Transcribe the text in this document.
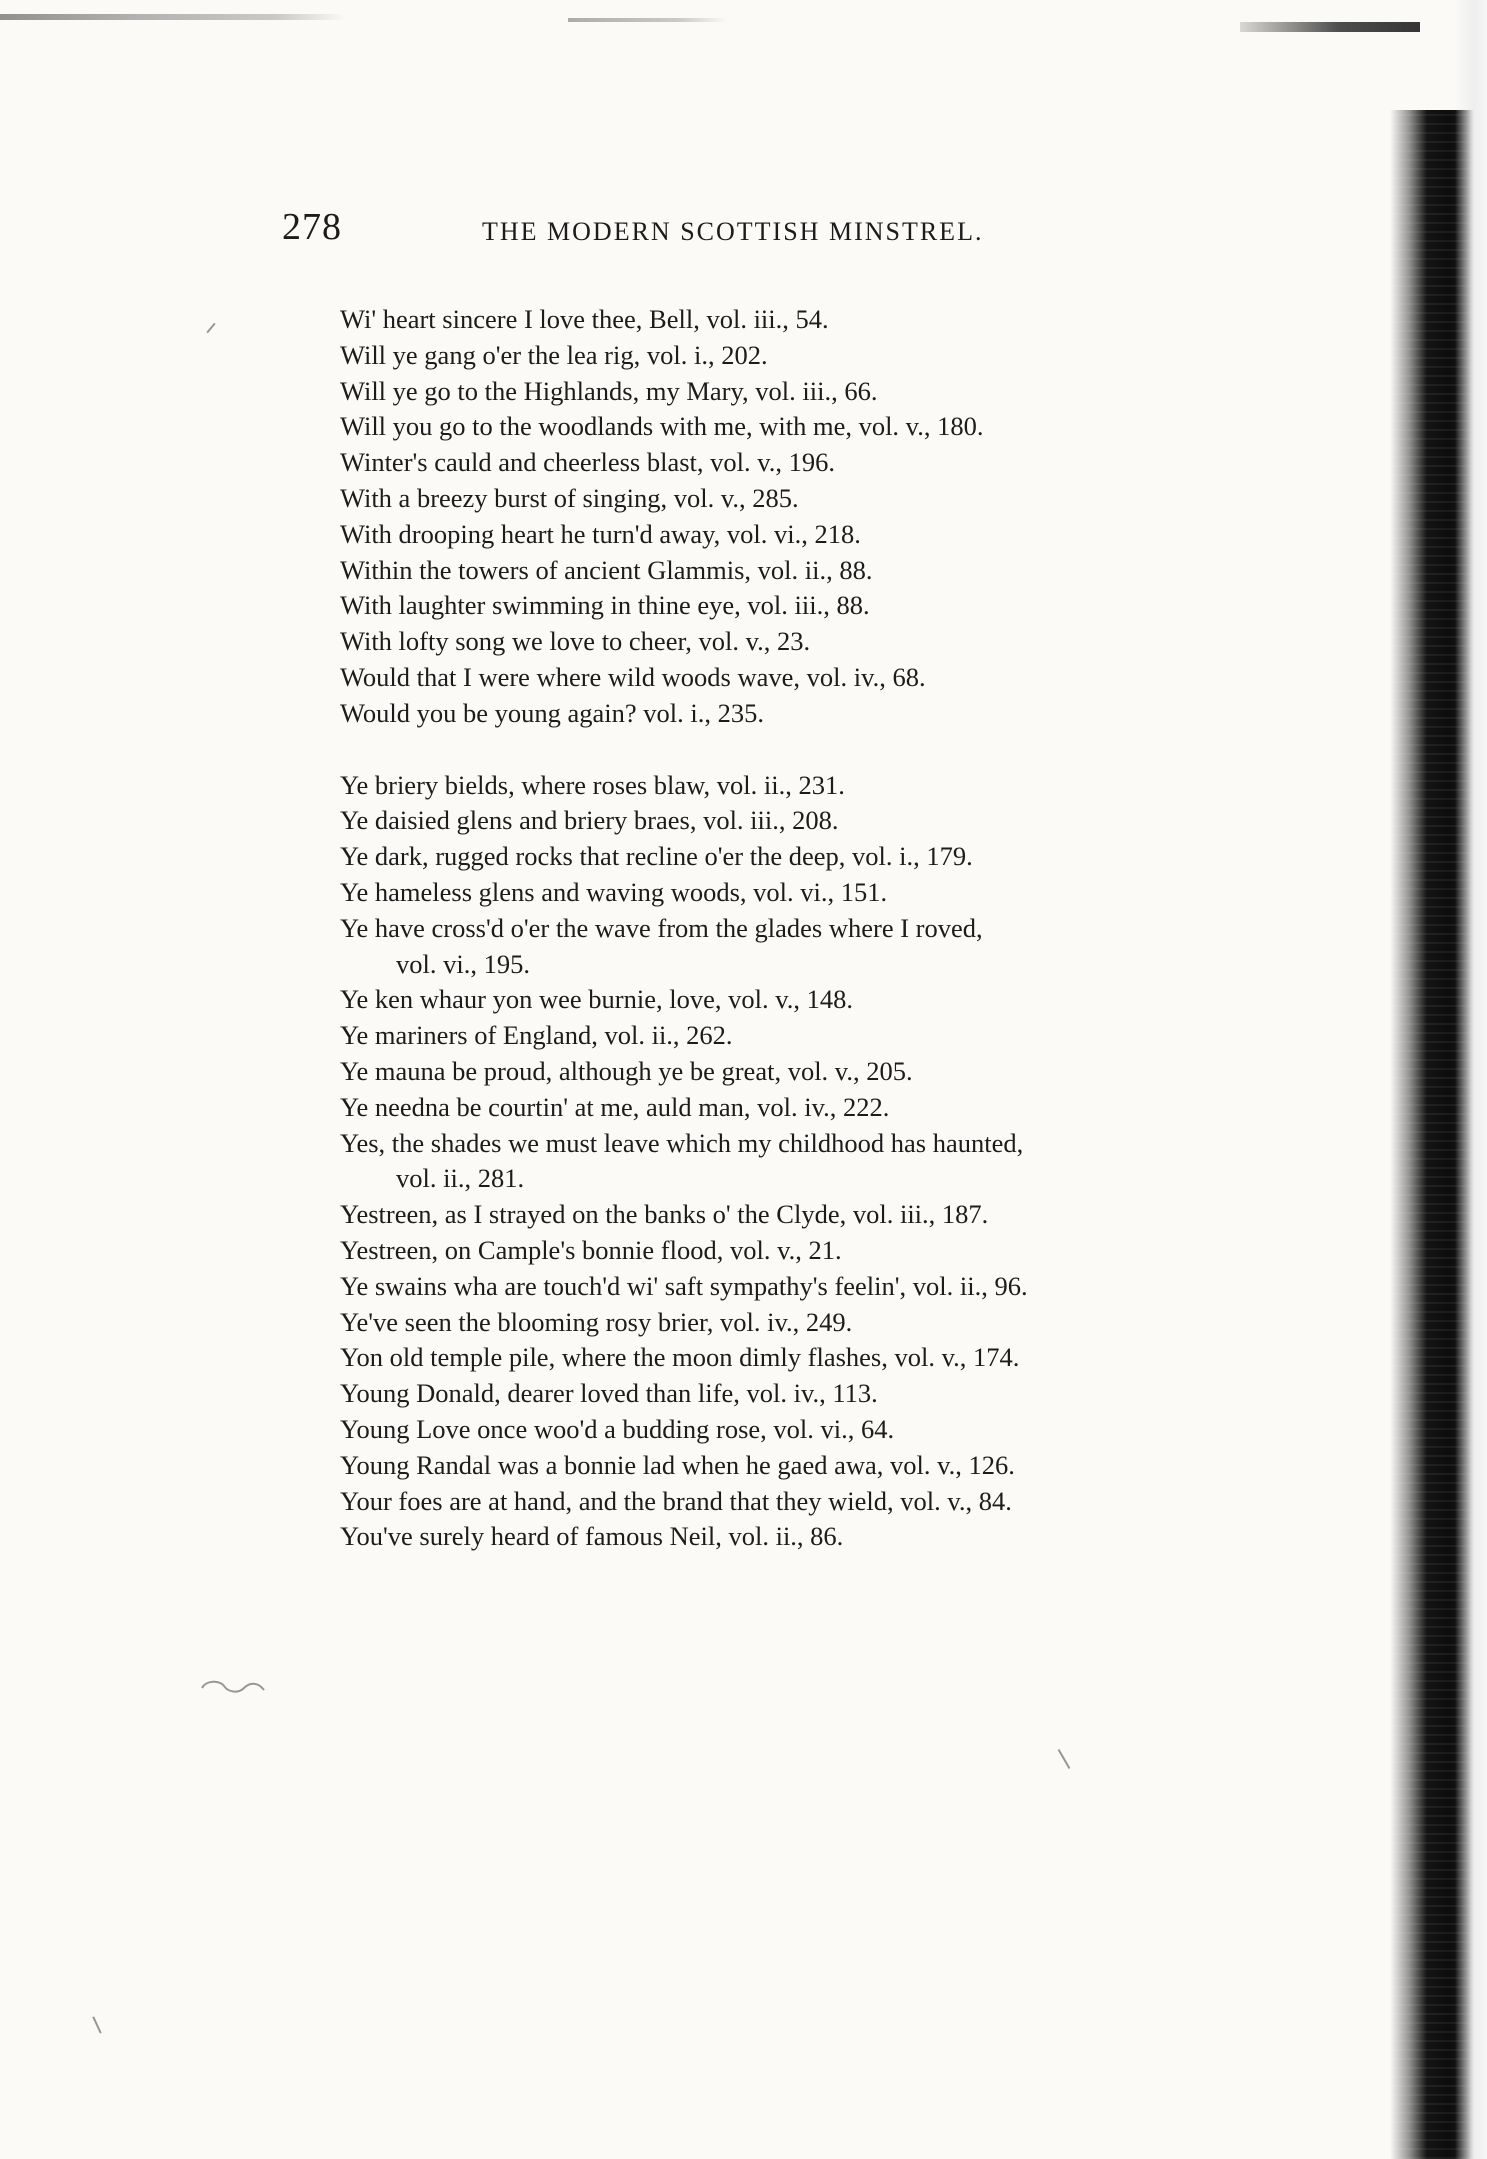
278	THE MODERN SCOTTISH MINSTREL.
Wi' heart sincere I love thee, Bell, vol. iii., 54.
Will ye gang o'er the lea rig, vol. i., 202.
Will ye go to the Highlands, my Mary, vol. iii., 66.
Will you go to the woodlands with me, with me, vol. v., 180.
Winter's cauld and cheerless blast, vol. v., 196.
With a breezy burst of singing, vol. v., 285.
With drooping heart he turn'd away, vol. vi., 218.
Within the towers of ancient Glammis, vol. ii., 88.
With laughter swimming in thine eye, vol. iii., 88.
With lofty song we love to cheer, vol. v., 23.
Would that I were where wild woods wave, vol. iv., 68.
Would you be young again? vol. i., 235.
Ye briery bields, where roses blaw, vol. ii., 231.
Ye daisied glens and briery braes, vol. iii., 208.
Ye dark, rugged rocks that recline o'er the deep, vol. i., 179.
Ye hameless glens and waving woods, vol. vi., 151.
Ye have cross'd o'er the wave from the glades where I roved,
vol. vi., 195.
Ye ken whaur yon wee burnie, love, vol. v., 148.
Ye mariners of England, vol. ii., 262.
Ye mauna be proud, although ye be great, vol. v., 205.
Ye needna be courtin' at me, auld man, vol. iv., 222.
Yes, the shades we must leave which my childhood has haunted,
vol. ii., 281.
Yestreen, as I strayed on the banks o' the Clyde, vol. iii., 187.
Yestreen, on Cample's bonnie flood, vol. v., 21.
Ye swains wha are touch'd wi' saft sympathy's feelin', vol. ii., 96.
Ye've seen the blooming rosy brier, vol. iv., 249.
Yon old temple pile, where the moon dimly flashes, vol. v., 174.
Young Donald, dearer loved than life, vol. iv., 113.
Young Love once woo'd a budding rose, vol. vi., 64.
Young Randal was a bonnie lad when he gaed awa, vol. v., 126.
Your foes are at hand, and the brand that they wield, vol. v., 84.
You've surely heard of famous Neil, vol. ii., 86.
